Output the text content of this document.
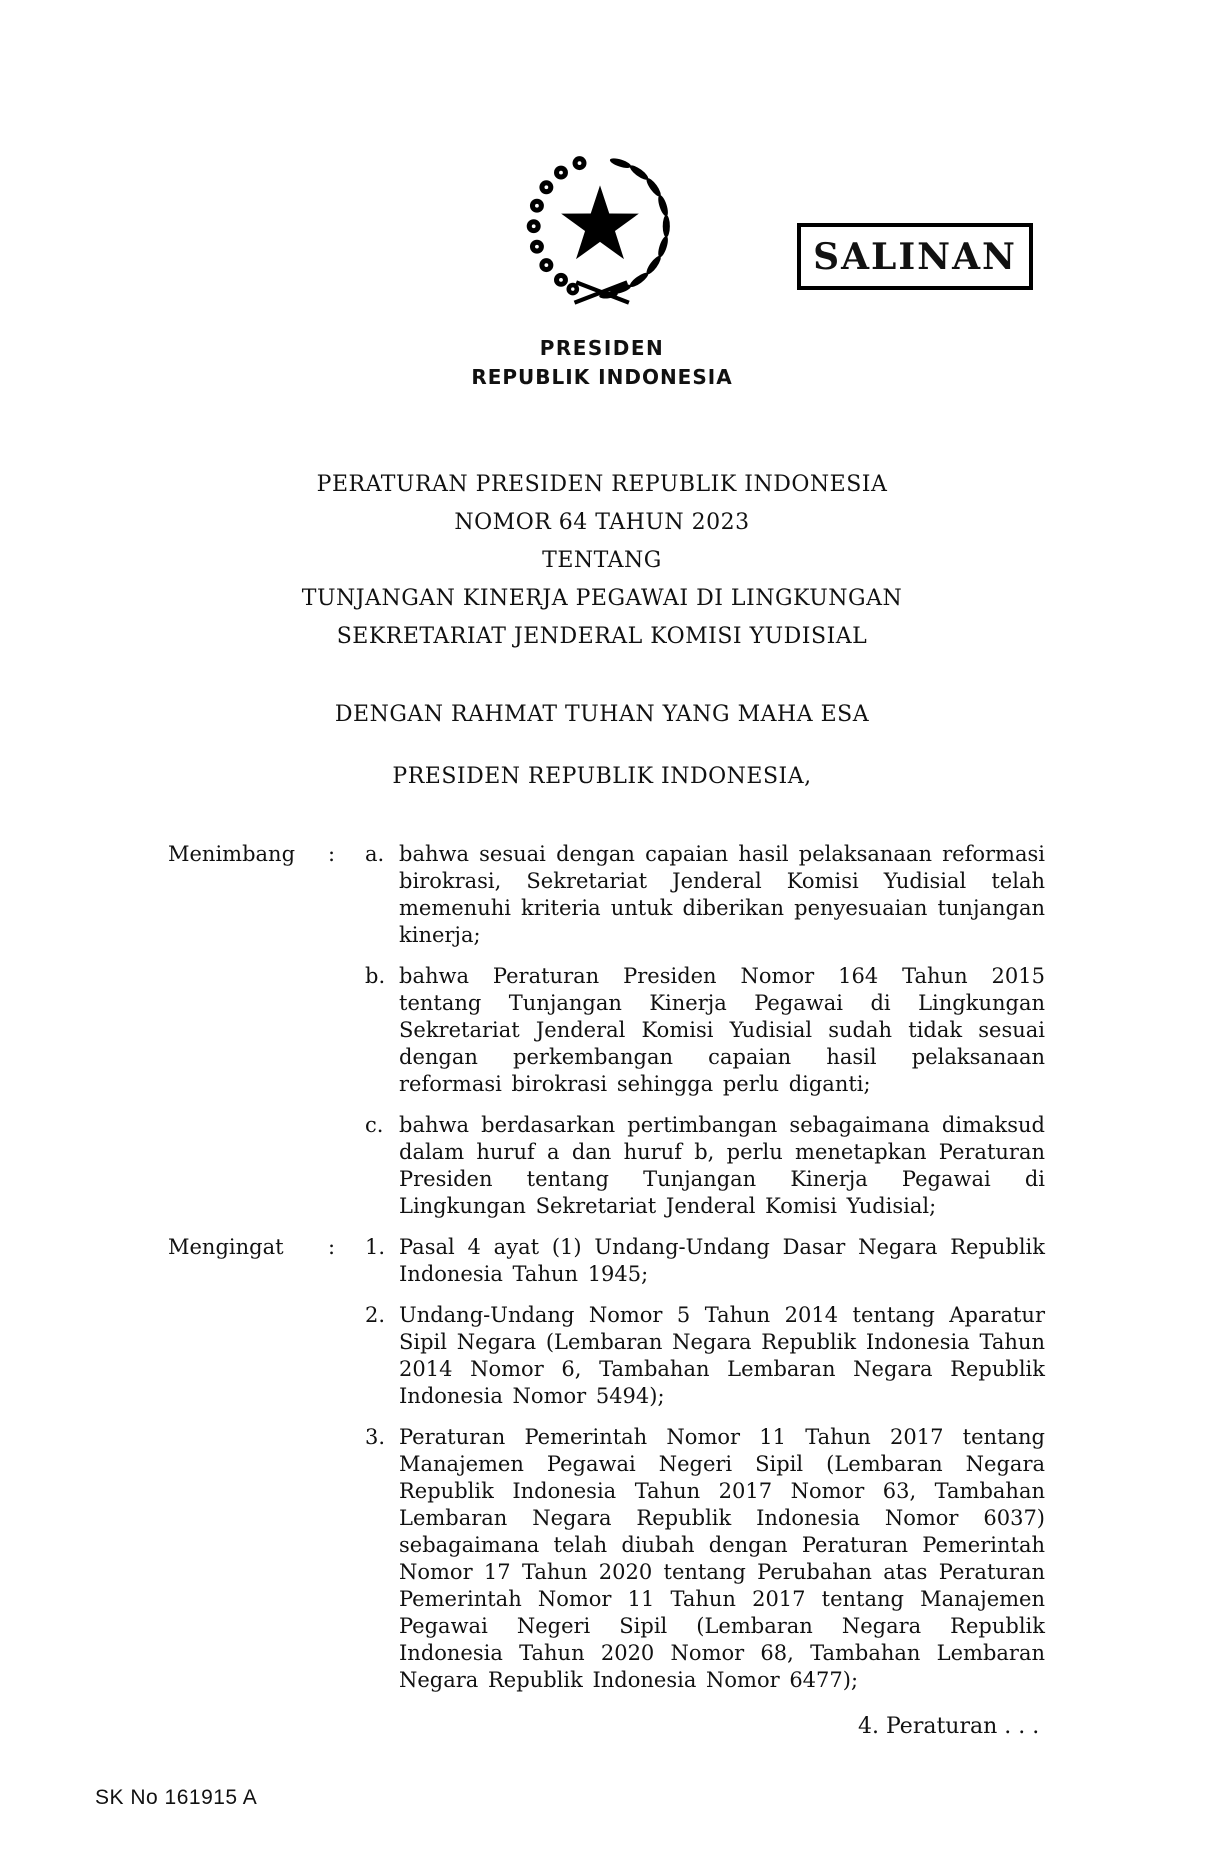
PRESIDEN
REPUBLIK INDONESIA
SALINAN
PERATURAN PRESIDEN REPUBLIK INDONESIA
NOMOR 64 TAHUN 2023
TENTANG
TUNJANGAN KINERJA PEGAWAI DI LINGKUNGAN
SEKRETARIAT JENDERAL KOMISI YUDISIAL
DENGAN RAHMAT TUHAN YANG MAHA ESA
PRESIDEN REPUBLIK INDONESIA,
Menimbang	:	a. bahwa sesuai dengan capaian hasil pelaksanaan reformasi birokrasi, Sekretariat Jenderal Komisi Yudisial telah memenuhi kriteria untuk diberikan penyesuaian tunjangan kinerja;
b. bahwa Peraturan Presiden Nomor 164 Tahun 2015 tentang Tunjangan Kinerja Pegawai di Lingkungan Sekretariat Jenderal Komisi Yudisial sudah tidak sesuai dengan perkembangan capaian hasil pelaksanaan reformasi birokrasi sehingga perlu diganti;
c. bahwa berdasarkan pertimbangan sebagaimana dimaksud dalam huruf a dan huruf b, perlu menetapkan Peraturan Presiden tentang Tunjangan Kinerja Pegawai di Lingkungan Sekretariat Jenderal Komisi Yudisial;
Mengingat	:	1. Pasal 4 ayat (1) Undang-Undang Dasar Negara Republik Indonesia Tahun 1945;
2. Undang-Undang Nomor 5 Tahun 2014 tentang Aparatur Sipil Negara (Lembaran Negara Republik Indonesia Tahun 2014 Nomor 6, Tambahan Lembaran Negara Republik Indonesia Nomor 5494);
3. Peraturan Pemerintah Nomor 11 Tahun 2017 tentang Manajemen Pegawai Negeri Sipil (Lembaran Negara Republik Indonesia Tahun 2017 Nomor 63, Tambahan Lembaran Negara Republik Indonesia Nomor 6037) sebagaimana telah diubah dengan Peraturan Pemerintah Nomor 17 Tahun 2020 tentang Perubahan atas Peraturan Pemerintah Nomor 11 Tahun 2017 tentang Manajemen Pegawai Negeri Sipil (Lembaran Negara Republik Indonesia Tahun 2020 Nomor 68, Tambahan Lembaran Negara Republik Indonesia Nomor 6477);
4. Peraturan . . .
SK No 161915 A
